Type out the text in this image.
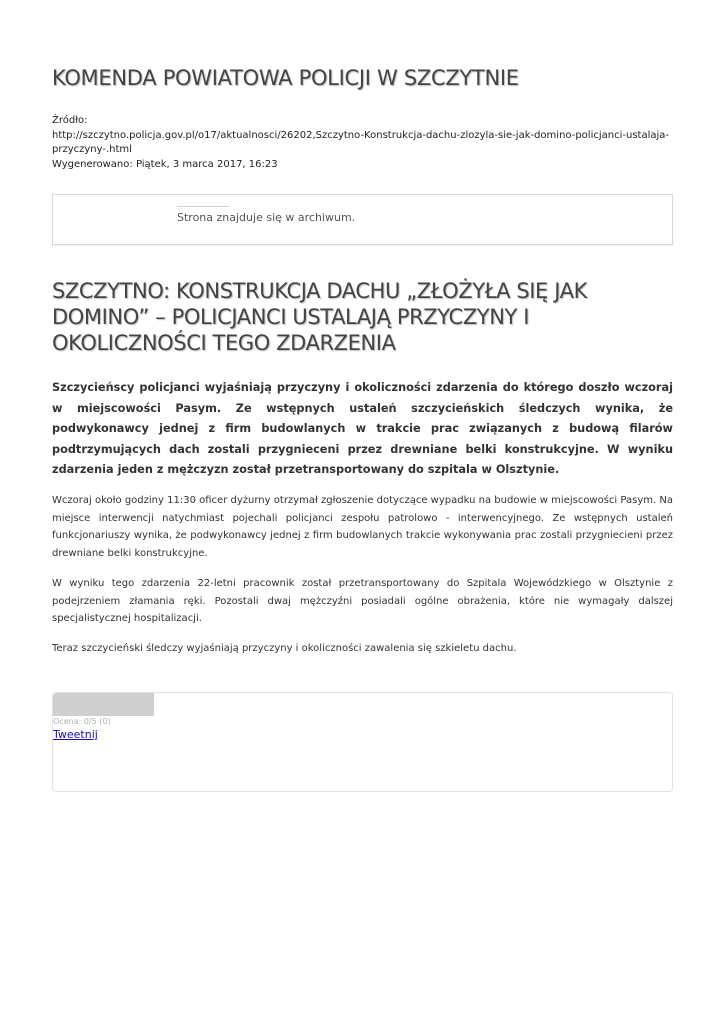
KOMENDA POWIATOWA POLICJI W SZCZYTNIE
Źródło:
http://szczytno.policja.gov.pl/o17/aktualnosci/26202,Szczytno-Konstrukcja-dachu-zlozyla-sie-jak-domino-policjanci-ustalaja-przyczyny-.html
Wygenerowano: Piątek, 3 marca 2017, 16:23
Strona znajduje się w archiwum.
SZCZYTNO: KONSTRUKCJA DACHU „ZŁOŻYŁA SIĘ JAK DOMINO” – POLICJANCI USTALAJĄ PRZYCZYNY I OKOLICZNOŚCI TEGO ZDARZENIA

Szczycieńscy policjanci wyjaśniają przyczyny i okoliczności zdarzenia do którego doszło wczoraj w miejscowości Pasym. Ze wstępnych ustaleń szczycieńskich śledczych wynika, że podwykonawcy jednej z firm budowlanych w trakcie prac związanych z budową filarów podtrzymujących dach zostali przygnieceni przez drewniane belki konstrukcyjne. W wyniku zdarzenia jeden z mężczyzn został przetransportowany do szpitala w Olsztynie.

Wczoraj około godziny 11:30 oficer dyżurny otrzymał zgłoszenie dotyczące wypadku na budowie w miejscowości Pasym. Na miejsce interwencji natychmiast pojechali policjanci zespołu patrolowo - interwencyjnego. Ze wstępnych ustaleń funkcjonariuszy wynika, że podwykonawcy jednej z firm budowlanych trakcie wykonywania prac zostali przygniecieni przez drewniane belki konstrukcyjne.

W wyniku tego zdarzenia 22-letni pracownik został przetransportowany do Szpitala Wojewódzkiego w Olsztynie z podejrzeniem złamania ręki. Pozostali dwaj mężczyźni posiadali ogólne obrażenia, które nie wymagały dalszej specjalistycznej hospitalizacji.

Teraz szczycieński śledczy wyjaśniają przyczyny i okoliczności zawalenia się szkieletu dachu.

Ocena: 0/5 (0)
Tweetnij
